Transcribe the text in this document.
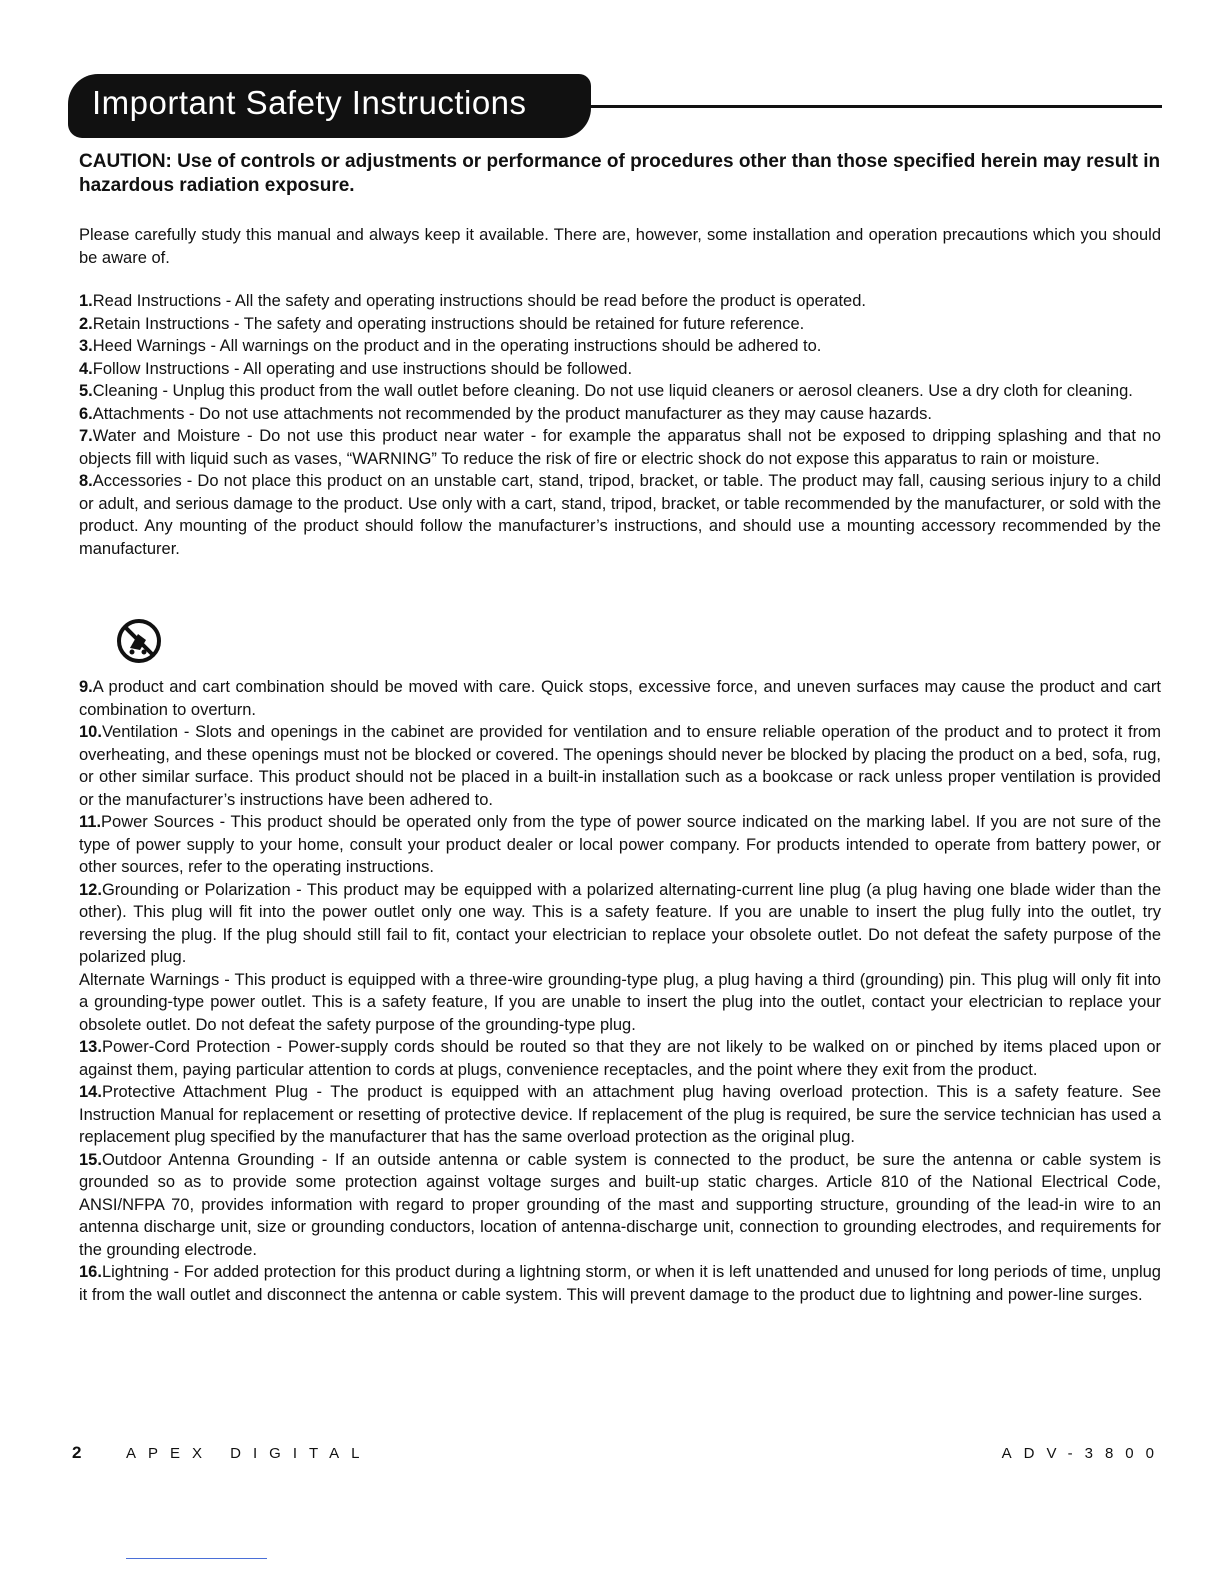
Important Safety Instructions
CAUTION: Use of controls or adjustments or performance of procedures other than those specified herein may result in hazardous radiation exposure.
Please carefully study this manual and always keep it available. There are, however, some installation and operation precautions which you should be aware of.

1.Read Instructions - All the safety and operating instructions should be read before the product is operated.

2.Retain Instructions - The safety and operating instructions should be retained for future reference.

3.Heed Warnings - All warnings on the product and in the operating instructions should be adhered to.

4.Follow Instructions - All operating and use instructions should be followed.

5.Cleaning - Unplug this product from the wall outlet before cleaning. Do not use liquid cleaners or aerosol cleaners. Use a dry cloth for cleaning.

6.Attachments - Do not use attachments not recommended by the product manufacturer as they may cause hazards.

7.Water and Moisture - Do not use this product near water - for example the apparatus shall not be exposed to dripping splashing and that no objects fill with liquid such as vases, “WARNING” To reduce the risk of fire or electric shock do not expose this apparatus to rain or moisture.

8.Accessories - Do not place this product on an unstable cart, stand, tripod, bracket, or table. The product may fall, causing serious injury to a child or adult, and serious damage to the product. Use only with a cart, stand, tripod, bracket, or table recommended by the manufacturer, or sold with the product. Any mounting of the product should follow the manufacturer’s instructions, and should use a mounting accessory recommended by the manufacturer.

9.A product and cart combination should be moved with care. Quick stops, excessive force, and uneven surfaces may cause the product and cart combination to overturn.

10.Ventilation - Slots and openings in the cabinet are provided for ventilation and to ensure reliable operation of the product and to protect it from overheating, and these openings must not be blocked or covered. The openings should never be blocked by placing the product on a bed, sofa, rug, or other similar surface. This product should not be placed in a built-in installation such as a bookcase or rack unless proper ventilation is provided or the manufacturer’s instructions have been adhered to.

11.Power Sources - This product should be operated only from the type of power source indicated on the marking label. If you are not sure of the type of power supply to your home, consult your product dealer or local power company. For products intended to operate from battery power, or other sources, refer to the operating instructions.

12.Grounding or Polarization - This product may be equipped with a polarized alternating-current line plug (a plug having one blade wider than the other). This plug will fit into the power outlet only one way. This is a safety feature. If you are unable to insert the plug fully into the outlet, try reversing the plug. If the plug should still fail to fit, contact your electrician to replace your obsolete outlet. Do not defeat the safety purpose of the polarized plug.

Alternate Warnings - This product is equipped with a three-wire grounding-type plug, a plug having a third (grounding) pin. This plug will only fit into a grounding-type power outlet. This is a safety feature, If you are unable to insert the plug into the outlet, contact your electrician to replace your obsolete outlet. Do not defeat the safety purpose of the grounding-type plug.

13.Power-Cord Protection - Power-supply cords should be routed so that they are not likely to be walked on or pinched by items placed upon or against them, paying particular attention to cords at plugs, convenience receptacles, and the point where they exit from the product.

14.Protective Attachment Plug - The product is equipped with an attachment plug having overload protection. This is a safety feature. See Instruction Manual for replacement or resetting of protective device. If replacement of the plug is required, be sure the service technician has used a replacement plug specified by the manufacturer that has the same overload protection as the original plug.

15.Outdoor Antenna Grounding - If an outside antenna or cable system is connected to the product, be sure the antenna or cable system is grounded so as to provide some protection against voltage surges and built-up static charges. Article 810 of the National Electrical Code, ANSI/NFPA 70, provides information with regard to proper grounding of the mast and supporting structure, grounding of the lead-in wire to an antenna discharge unit, size or grounding conductors, location of antenna-discharge unit, connection to grounding electrodes, and requirements for the grounding electrode.

16.Lightning - For added protection for this product during a lightning storm, or when it is left unattended and unused for long periods of time, unplug it from the wall outlet and disconnect the antenna or cable system. This will prevent damage to the product due to lightning and power-line surges.

2	APEX DIGITAL	ADV-3800
